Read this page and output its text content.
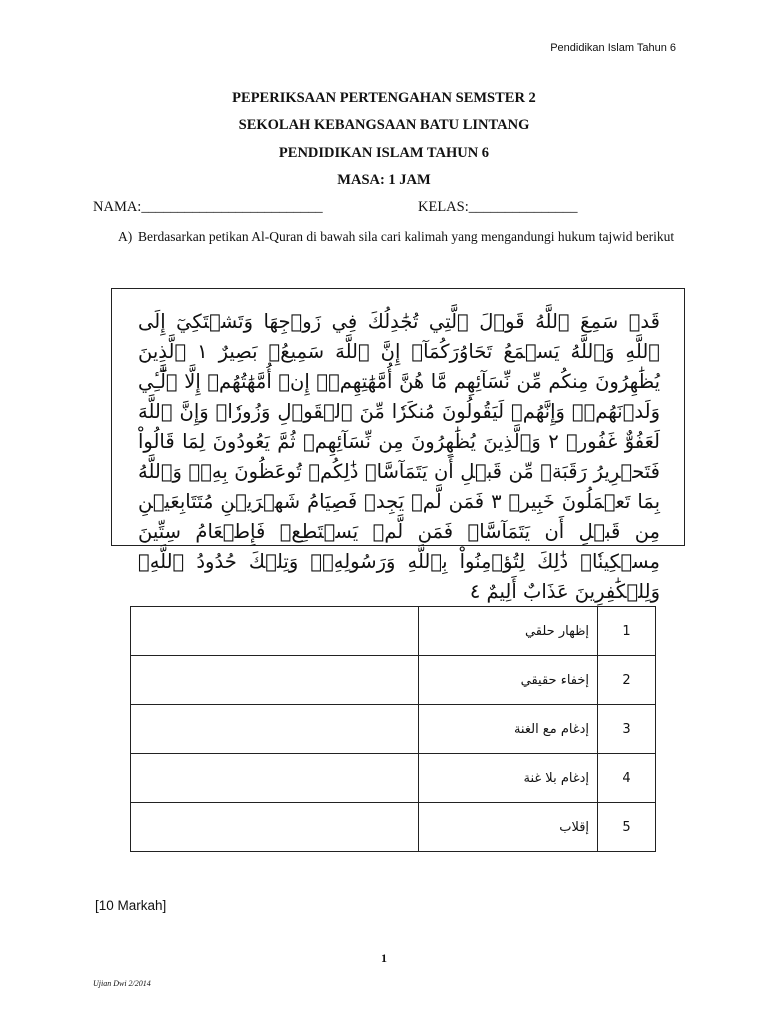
Pendidikan Islam Tahun 6
PEPERIKSAAN PERTENGAHAN SEMSTER 2
SEKOLAH KEBANGSAAN BATU LINTANG
PENDIDIKAN ISLAM TAHUN 6
MASA: 1 JAM
NAMA:_________________________	KELAS:_______________
A) Berdasarkan petikan Al-Quran di bawah sila cari kalimah yang mengandungi hukum tajwid berikut
قَدۡ سَمِعَ ٱللَّهُ قَوۡلَ ٱلَّتِي تُجَٰدِلُكَ فِي زَوۡجِهَا وَتَشۡتَكِيٓ إِلَى ٱللَّهِ وَٱللَّهُ يَسۡمَعُ تَحَاوُرَكُمَآۚ إِنَّ ٱللَّهَ سَمِيعُۢ بَصِيرٌ ١ ٱلَّذِينَ يُظَٰهِرُونَ مِنكُم مِّن نِّسَآئِهِم مَّا هُنَّ أُمَّهَٰتِهِمۡۖ إِنۡ أُمَّهَٰتُهُمۡ إِلَّا ٱلَّٰٓـِٔي وَلَدۡنَهُمۡۚ وَإِنَّهُمۡ لَيَقُولُونَ مُنكَرٗا مِّنَ ٱلۡقَوۡلِ وَزُورٗاۚ وَإِنَّ ٱللَّهَ لَعَفُوٌّ غَفُورٞ ٢ وَٱلَّذِينَ يُظَٰهِرُونَ مِن نِّسَآئِهِمۡ ثُمَّ يَعُودُونَ لِمَا قَالُواْ فَتَحۡرِيرُ رَقَبَةٖ مِّن قَبۡلِ أَن يَتَمَآسَّاۚ ذَٰلِكُمۡ تُوعَظُونَ بِهِۦۚ وَٱللَّهُ بِمَا تَعۡمَلُونَ خَبِيرٞ ٣ فَمَن لَّمۡ يَجِدۡ فَصِيَامُ شَهۡرَيۡنِ مُتَتَابِعَيۡنِ مِن قَبۡلِ أَن يَتَمَآسَّاۖ فَمَن لَّمۡ يَسۡتَطِعۡ فَإِطۡعَامُ سِتِّينَ مِسۡكِينٗاۚ ذَٰلِكَ لِتُؤۡمِنُواْ بِٱللَّهِ وَرَسُولِهِۦۚ وَتِلۡكَ حُدُودُ ٱللَّهِۗ وَلِلۡكَٰفِرِينَ عَذَابٌ أَلِيمٌ ٤
	إظهار حلقي	1
	إخفاء حقيقي	2
	إدغام مع الغنة	3
	إدغام بلا غنة	4
	إقلاب	5
[10 Markah]
1
Ujian Dwi 2/2014
